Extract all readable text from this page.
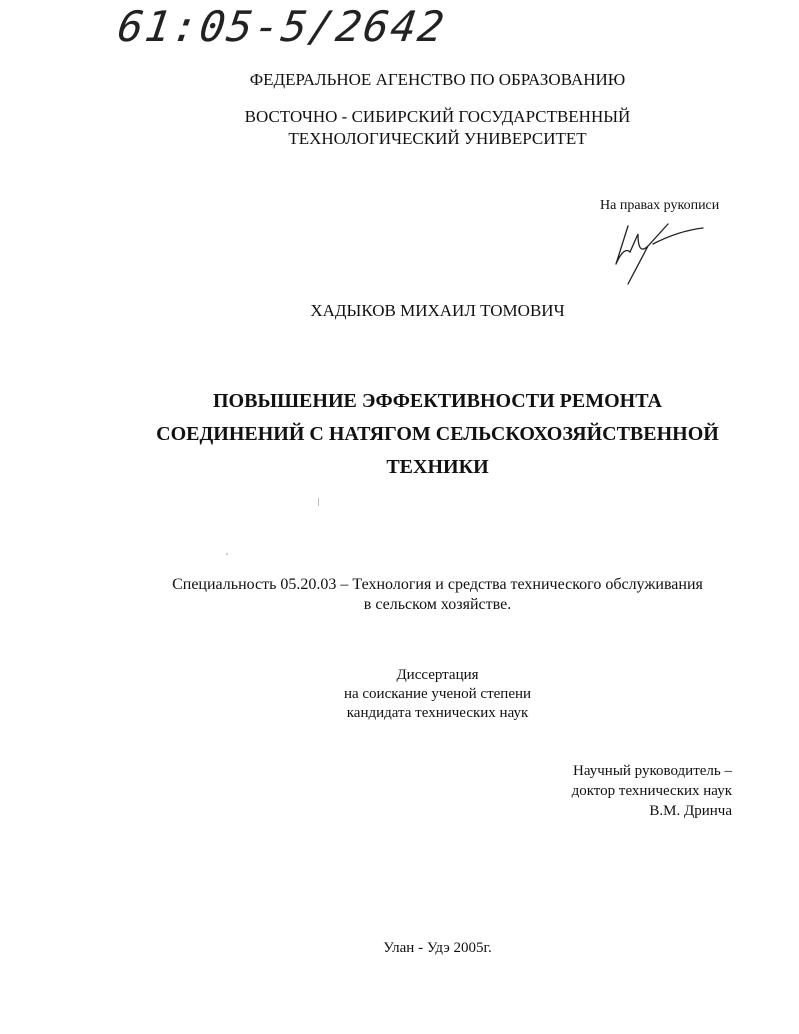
61:05-5/2642
ФЕДЕРАЛЬНОЕ АГЕНСТВО ПО ОБРАЗОВАНИЮ
ВОСТОЧНО - СИБИРСКИЙ ГОСУДАРСТВЕННЫЙ
ТЕХНОЛОГИЧЕСКИЙ УНИВЕРСИТЕТ
На правах рукописи
ХАДЫКОВ МИХАИЛ ТОМОВИЧ
ПОВЫШЕНИЕ ЭФФЕКТИВНОСТИ РЕМОНТА
СОЕДИНЕНИЙ С НАТЯГОМ СЕЛЬСКОХОЗЯЙСТВЕННОЙ
ТЕХНИКИ
Специальность 05.20.03 – Технология и средства технического обслуживания
в сельском хозяйстве.
Диссертация
на соискание ученой степени
кандидата технических наук
Научный руководитель –
доктор технических наук
В.М. Дринча
Улан - Удэ 2005г.
